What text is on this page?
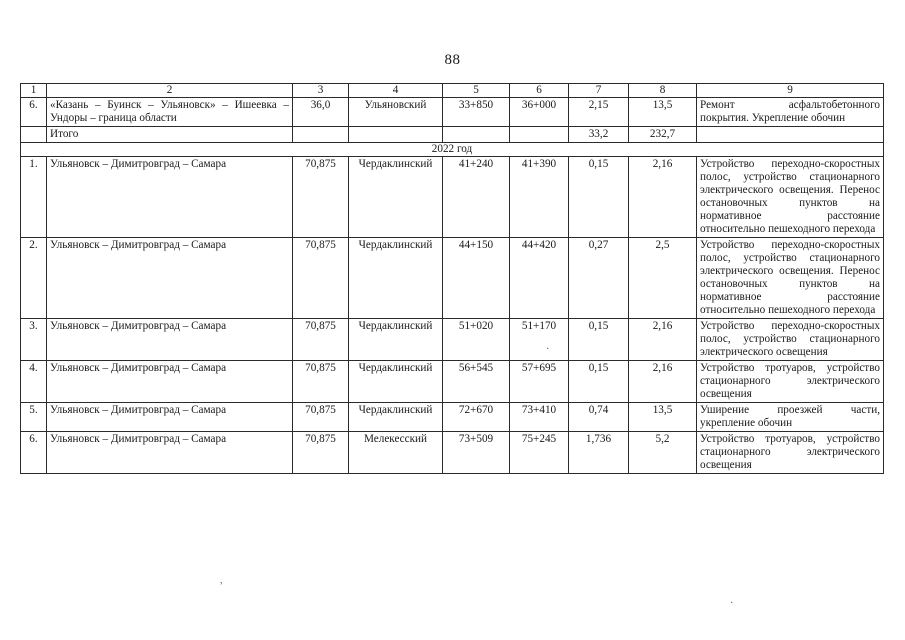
88
1	2	3	4	5	6	7	8	9
6.	«Казань – Буинск – Ульяновск» – Ишеевка – Ундоры – граница области	36,0	Ульяновский	33+850	36+000	2,15	13,5	Ремонт асфальтобетонного покрытия. Укрепление обочин
	Итого					33,2	232,7	
2022 год								
1.	Ульяновск – Димитровград – Самара	70,875	Чердаклинский	41+240	41+390	0,15	2,16	Устройство переходно-скоростных полос, устройство стационарного электрического освещения. Перенос остановочных пунктов на нормативное расстояние относительно пешеходного перехода
2.	Ульяновск – Димитровград – Самара	70,875	Чердаклинский	44+150	44+420	0,27	2,5	Устройство переходно-скоростных полос, устройство стационарного электрического освещения. Перенос остановочных пунктов на нормативное расстояние относительно пешеходного перехода
3.	Ульяновск – Димитровград – Самара	70,875	Чердаклинский	51+020	51+170	0,15	2,16	Устройство переходно-скоростных полос, устройство стационарного электрического освещения
4.	Ульяновск – Димитровград – Самара	70,875	Чердаклинский	56+545	57+695	0,15	2,16	Устройство тротуаров, устройство стационарного электрического освещения
5.	Ульяновск – Димитровград – Самара	70,875	Чердаклинский	72+670	73+410	0,74	13,5	Уширение проезжей части, укрепление обочин
6.	Ульяновск – Димитровград – Самара	70,875	Мелекесский	73+509	75+245	1,736	5,2	Устройство тротуаров, устройство стационарного электрического освещения
·
,
·
